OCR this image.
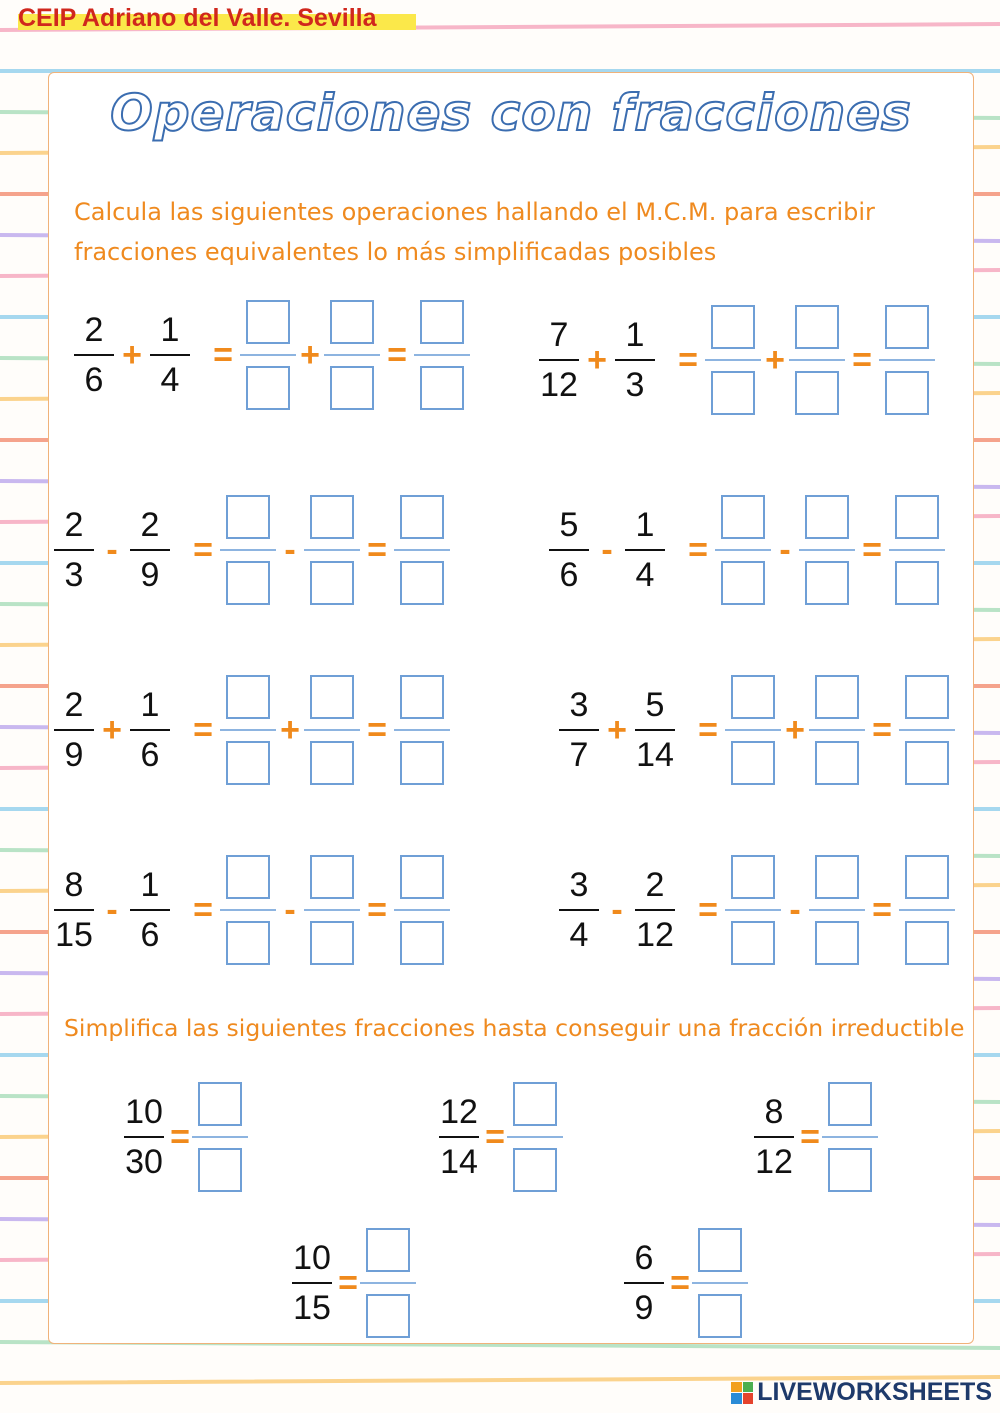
CEIP Adriano del Valle. Sevilla
Operaciones con fracciones
Calcula las siguientes operaciones hallando el M.C.M. para escribir fracciones equivalentes lo más simplificadas posibles
$\frac{2}{6} + \frac{1}{4}$ = + =	$\frac{7}{12} + \frac{1}{3}$ = + =
$\frac{2}{3} - \frac{2}{9}$ = - =	$\frac{5}{6} - \frac{1}{4}$ = - =
$\frac{2}{9} + \frac{1}{6}$ = + =	$\frac{3}{7} + \frac{5}{14}$ = + =
$\frac{8}{15} - \frac{1}{6}$ = - =	$\frac{3}{4} - \frac{2}{12}$ = - =
Simplifica las siguientes fracciones hasta conseguir una fracción irreductible
$\frac{10}{30}$ =	$\frac{12}{14}$ =	$\frac{8}{12}$ =
$\frac{10}{15}$ =	$\frac{6}{9}$ =
LIVEWORKSHEETS
